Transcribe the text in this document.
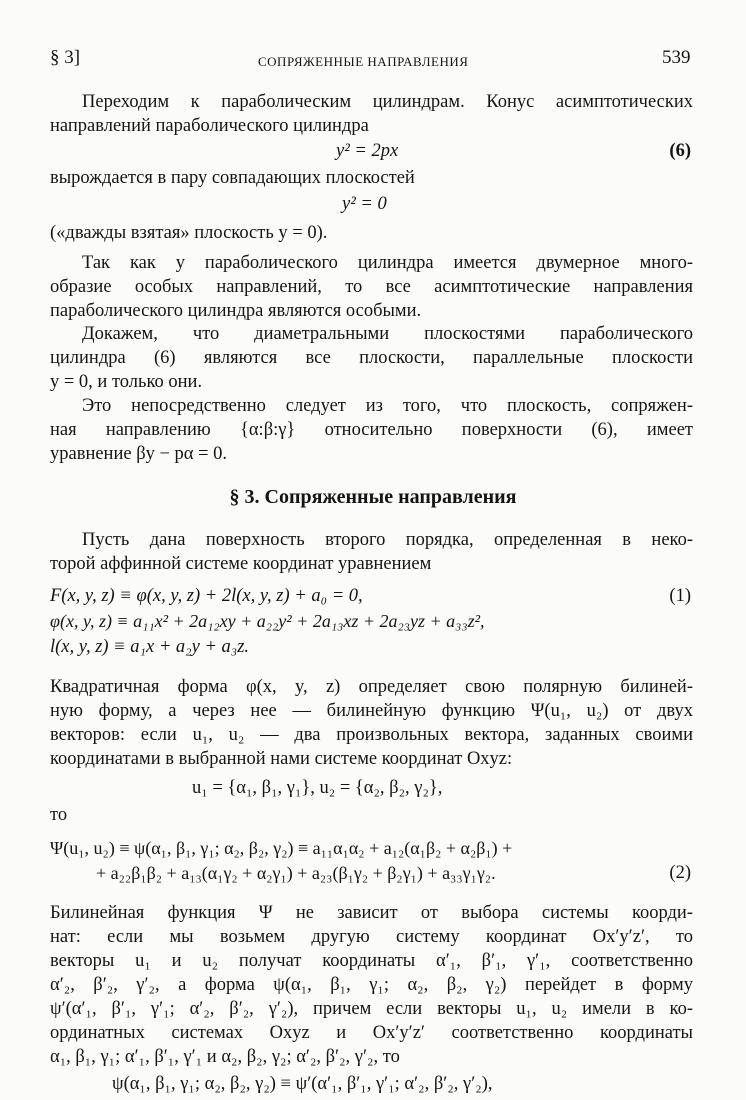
§ 3]	СОПРЯЖЕННЫЕ НАПРАВЛЕНИЯ	539
Переходим к параболическим цилиндрам. Конус асимптотических
направлений параболического цилиндра
y² = 2px	(6)
вырождается в пару совпадающих плоскостей
y² = 0
(«дважды взятая» плоскость y = 0).
Так как у параболического цилиндра имеется двумерное много-
образие особых направлений, то все асимптотические направления
параболического цилиндра являются особыми.
Докажем, что диаметральными плоскостями параболического
цилиндра (6) являются все плоскости, параллельные плоскости
y = 0, и только они.
Это непосредственно следует из того, что плоскость, сопряжен-
ная направлению {α:β:γ} относительно поверхности (6), имеет
уравнение βy − pα = 0.
§ 3. Сопряженные направления
Пусть дана поверхность второго порядка, определенная в неко-
торой аффинной системе координат уравнением
F(x, y, z) ≡ φ(x, y, z) + 2l(x, y, z) + a₀ = 0,	(1)
φ(x, y, z) ≡ a₁₁x² + 2a₁₂xy + a₂₂y² + 2a₁₃xz + 2a₂₃yz + a₃₃z²,
l(x, y, z) ≡ a₁x + a₂y + a₃z.
Квадратичная форма φ(x, y, z) определяет свою полярную билиней-
ную форму, а через нее — билинейную функцию Ψ(u₁, u₂) от двух
векторов: если u₁, u₂ — два произвольных вектора, заданных своими
координатами в выбранной нами системе координат Oxyz:
u₁ = {α₁, β₁, γ₁}, u₂ = {α₂, β₂, γ₂},
то
Ψ(u₁, u₂) ≡ ψ(α₁, β₁, γ₁; α₂, β₂, γ₂) ≡ a₁₁α₁α₂ + a₁₂(α₁β₂ + α₂β₁) +
+ a₂₂β₁β₂ + a₁₃(α₁γ₂ + α₂γ₁) + a₂₃(β₁γ₂ + β₂γ₁) + a₃₃γ₁γ₂.	(2)
Билинейная функция Ψ не зависит от выбора системы коорди-
нат: если мы возьмем другую систему координат Ox′y′z′, то
векторы u₁ и u₂ получат координаты α′₁, β′₁, γ′₁, соответственно
α′₂, β′₂, γ′₂, а форма ψ(α₁, β₁, γ₁; α₂, β₂, γ₂) перейдет в форму
ψ′(α′₁, β′₁, γ′₁; α′₂, β′₂, γ′₂), причем если векторы u₁, u₂ имели в ко-
ординатных системах Oxyz и Ox′y′z′ соответственно координаты
α₁, β₁, γ₁; α′₁, β′₁, γ′₁ и α₂, β₂, γ₂; α′₂, β′₂, γ′₂, то
ψ(α₁, β₁, γ₁; α₂, β₂, γ₂) ≡ ψ′(α′₁, β′₁, γ′₁; α′₂, β′₂, γ′₂),
